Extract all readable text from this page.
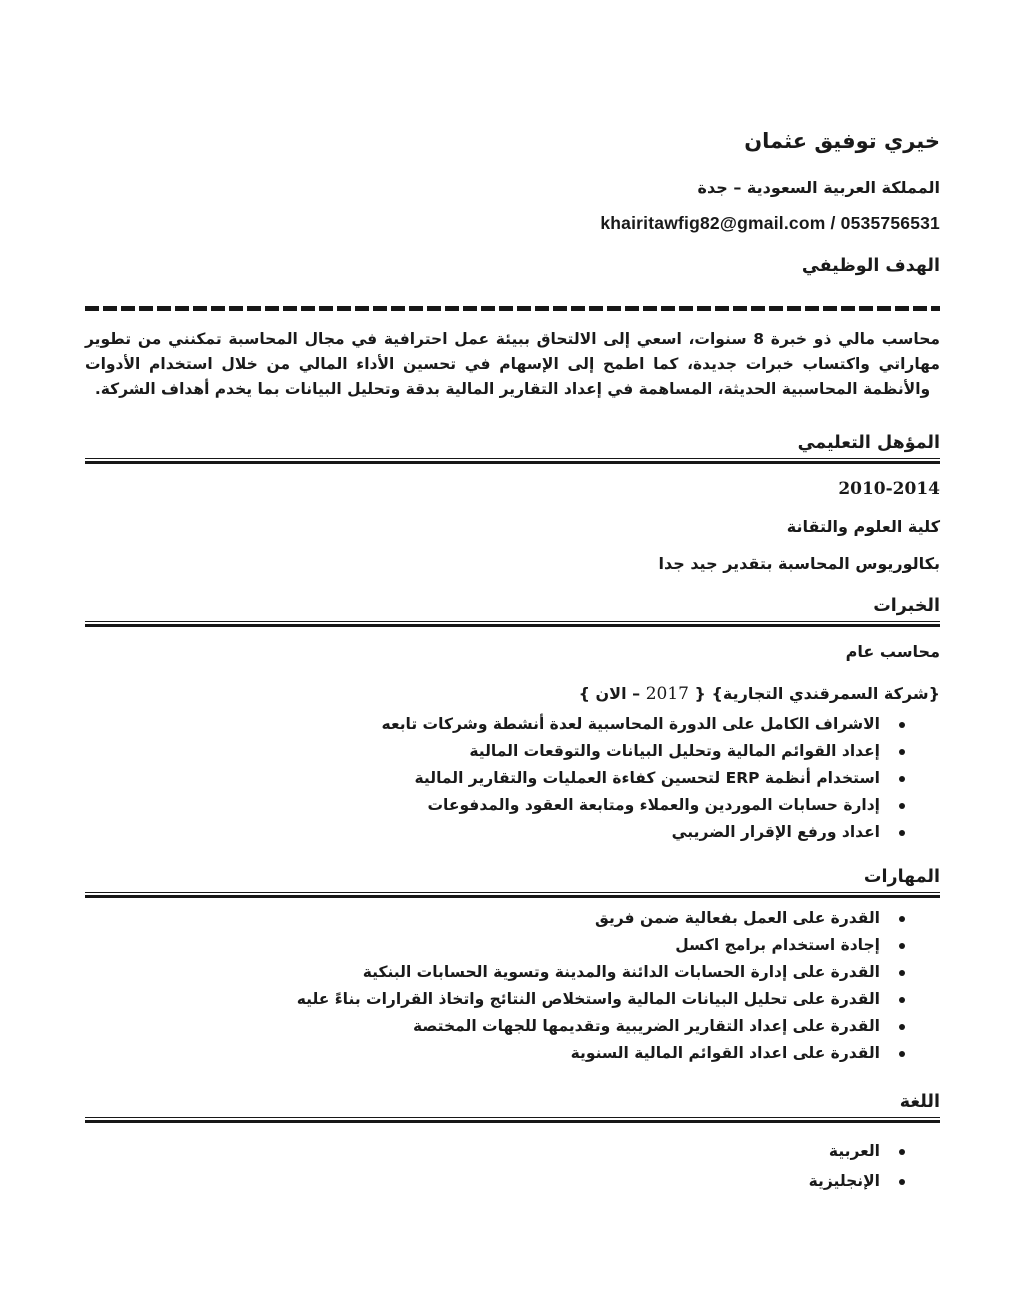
خيري توفيق عثمان
المملكة العربية السعودية – جدة
khairitawfig82@gmail.com / 0535756531
الهدف الوظيفي
محاسب مالي ذو خبرة 8 سنوات، اسعي إلى الالتحاق ببيئة عمل احترافية في مجال المحاسبة تمكنني من تطوير مهاراتي واكتساب خبرات جديدة، كما اطمح إلى الإسهام في تحسين الأداء المالي من خلال استخدام الأدوات والأنظمة المحاسبية الحديثة، المساهمة في إعداد التقارير المالية بدقة وتحليل البيانات بما يخدم أهداف الشركة.
المؤهل التعليمي
2010-2014
كلية العلوم والتقانة
بكالوريوس المحاسبة بتقدير جيد جدا
الخبرات
محاسب عام
{شركة السمرقندي التجارية} { 2017 – الان }
الاشراف الكامل على الدورة المحاسبية لعدة أنشطة وشركات تابعه
إعداد القوائم المالية وتحليل البيانات والتوقعات المالية
استخدام أنظمة ERP لتحسين كفاءة العمليات والتقارير المالية
إدارة حسابات الموردين والعملاء ومتابعة العقود والمدفوعات
اعداد ورفع الإقرار الضريبي
المهارات
القدرة على العمل بفعالية ضمن فريق
إجادة استخدام برامج اكسل
القدرة على إدارة الحسابات الدائنة والمدينة وتسوية الحسابات البنكية
القدرة على تحليل البيانات المالية واستخلاص النتائج واتخاذ القرارات بناءً عليه
القدرة على إعداد التقارير الضريبية وتقديمها للجهات المختصة
القدرة على اعداد القوائم المالية السنوية
اللغة
العربية
الإنجليزية
